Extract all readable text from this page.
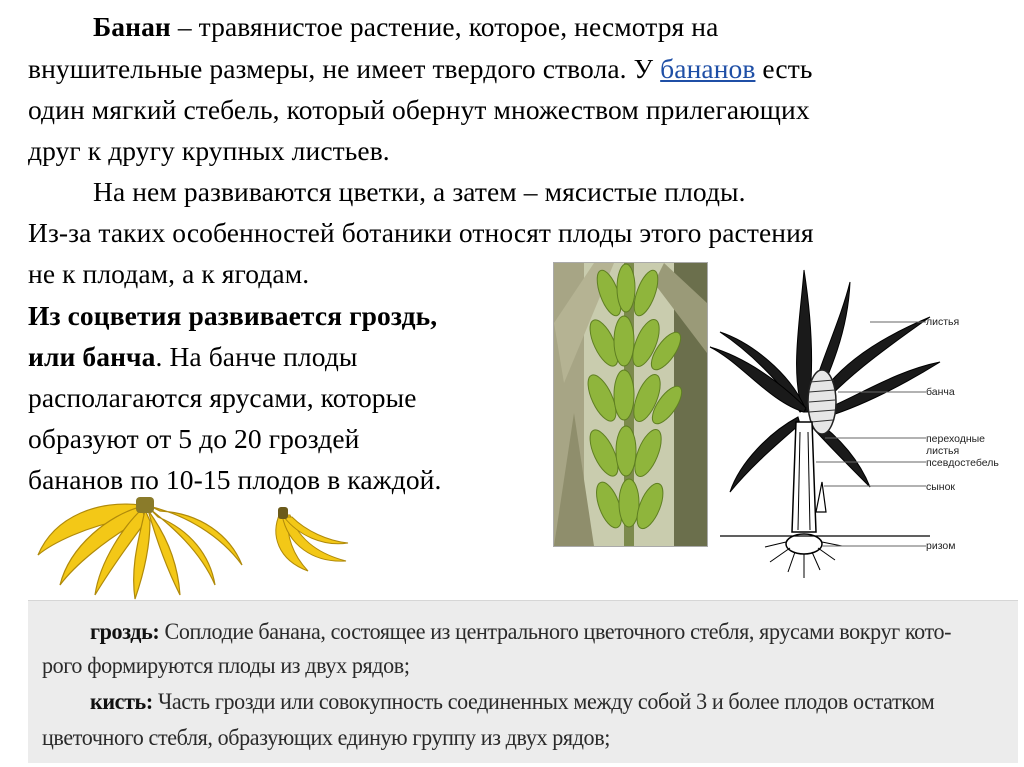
Банан – травянистое растение, которое, несмотря на
внушительные размеры, не имеет твердого ствола. У бананов есть
один мягкий стебель, который обернут множеством прилегающих
друг к другу крупных листьев.
На нем развиваются цветки, а затем – мясистые плоды.
Из-за таких особенностей ботаники относят плоды этого растения
не к плодам, а к ягодам.
Из соцветия развивается гроздь,
или банча. На банче плоды
располагаются ярусами, которые
образуют от 5 до 20 гроздей
бананов по 10-15 плодов в каждой.
листья
банча
переходные
листья
псевдостебель
сынок
ризом
гроздь: Соплодие банана, состоящее из центрального цветочного стебля, ярусами вокруг кото-
рого формируются плоды из двух рядов;
кисть: Часть грозди или совокупность соединенных между собой 3 и более плодов остатком
цветочного стебля, образующих единую группу из двух рядов;
